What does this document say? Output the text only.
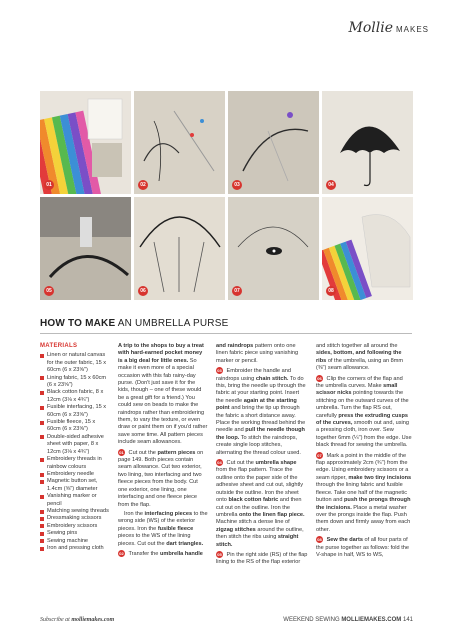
Mollie MAKES
01	02	03	04
05	06	07	08
HOW TO MAKE AN UMBRELLA PURSE
MATERIALS
Linen or natural canvas for the outer fabric, 15 x 60cm (6 x 23⅝")
Lining fabric, 15 x 60cm (6 x 23⅝")
Black cotton fabric, 8 x 12cm (3⅛ x 4¾")
Fusible interfacing, 15 x 60cm (6 x 23⅝")
Fusible fleece, 15 x 60cm (6 x 23⅝")
Double-sided adhesive sheet with paper, 8 x 12cm (3⅛ x 4¾")
Embroidery threads in rainbow colours
Embroidery needle
Magnetic button set, 1.4cm (⅝") diameter
Vanishing marker or pencil
Matching sewing threads
Dressmaking scissors
Embroidery scissors
Sewing pins
Sewing machine
Iron and pressing cloth

A trip to the shops to buy a treat with hard-earned pocket money is a big deal for little ones. So make it even more of a special occasion with this fab rainy-day purse. (Don't just save it for the kids, though – one of these would be a great gift for a friend.) You could sew on beads to make the raindrops rather than embroidering them, to vary the texture, or even draw or paint them on if you'd rather save some time. All pattern pieces include seam allowances.

01 Cut out the pattern pieces on page 149. Both pieces contain seam allowance. Cut two exterior, two lining, two interfacing and two fleece pieces from the body. Cut one exterior, one lining, one interfacing and one fleece piece from the flap.

Iron the interfacing pieces to the wrong side (WS) of the exterior pieces. Iron the fusible fleece pieces to the WS of the lining pieces. Cut out the dart triangles.

02 Transfer the umbrella handle

and raindrops pattern onto one linen fabric piece using vanishing marker or pencil.

03 Embroider the handle and raindrops using chain stitch. To do this, bring the needle up through the fabric at your starting point. Insert the needle again at the starting point and bring the tip up through the fabric a short distance away. Place the working thread behind the needle and pull the needle though the loop. To stitch the raindrops, create single loop stitches, alternating the thread colour used.

04 Cut out the umbrella shape from the flap pattern. Trace the outline onto the paper side of the adhesive sheet and cut out, slightly outside the outline. Iron the sheet onto black cotton fabric and then cut out on the outline. Iron the umbrella onto the linen flap piece. Machine stitch a dense line of zigzag stitches around the outline, then stitch the ribs using straight stitch.

05 Pin the right side (RS) of the flap lining to the RS of the flap exterior

and stitch together all around the sides, bottom, and following the ribs of the umbrella, using an 8mm (⅜") seam allowance.

06 Clip the corners of the flap and the umbrella curves. Make small scissor nicks pointing towards the stitching on the outward curves of the umbrella. Turn the flap RS out, carefully press the extruding cusps of the curves, smooth out and, using a pressing cloth, iron over. Sew together 6mm (¼") from the edge. Use black thread for sewing the umbrella.

07 Mark a point in the middle of the flap approximately 2cm (¾") from the edge. Using embroidery scissors or a seam ripper, make two tiny incisions through the lining fabric and fusible fleece. Take one half of the magnetic button and push the prongs through the incisions. Place a metal washer over the prongs inside the flap. Push them down and firmly away from each other.

08 Sew the darts of all four parts of the purse together as follows: fold the V-shape in half, WS to WS,

Subscribe at molliemakes.com	WEEKEND SEWING MOLLIEMAKES.COM 141
